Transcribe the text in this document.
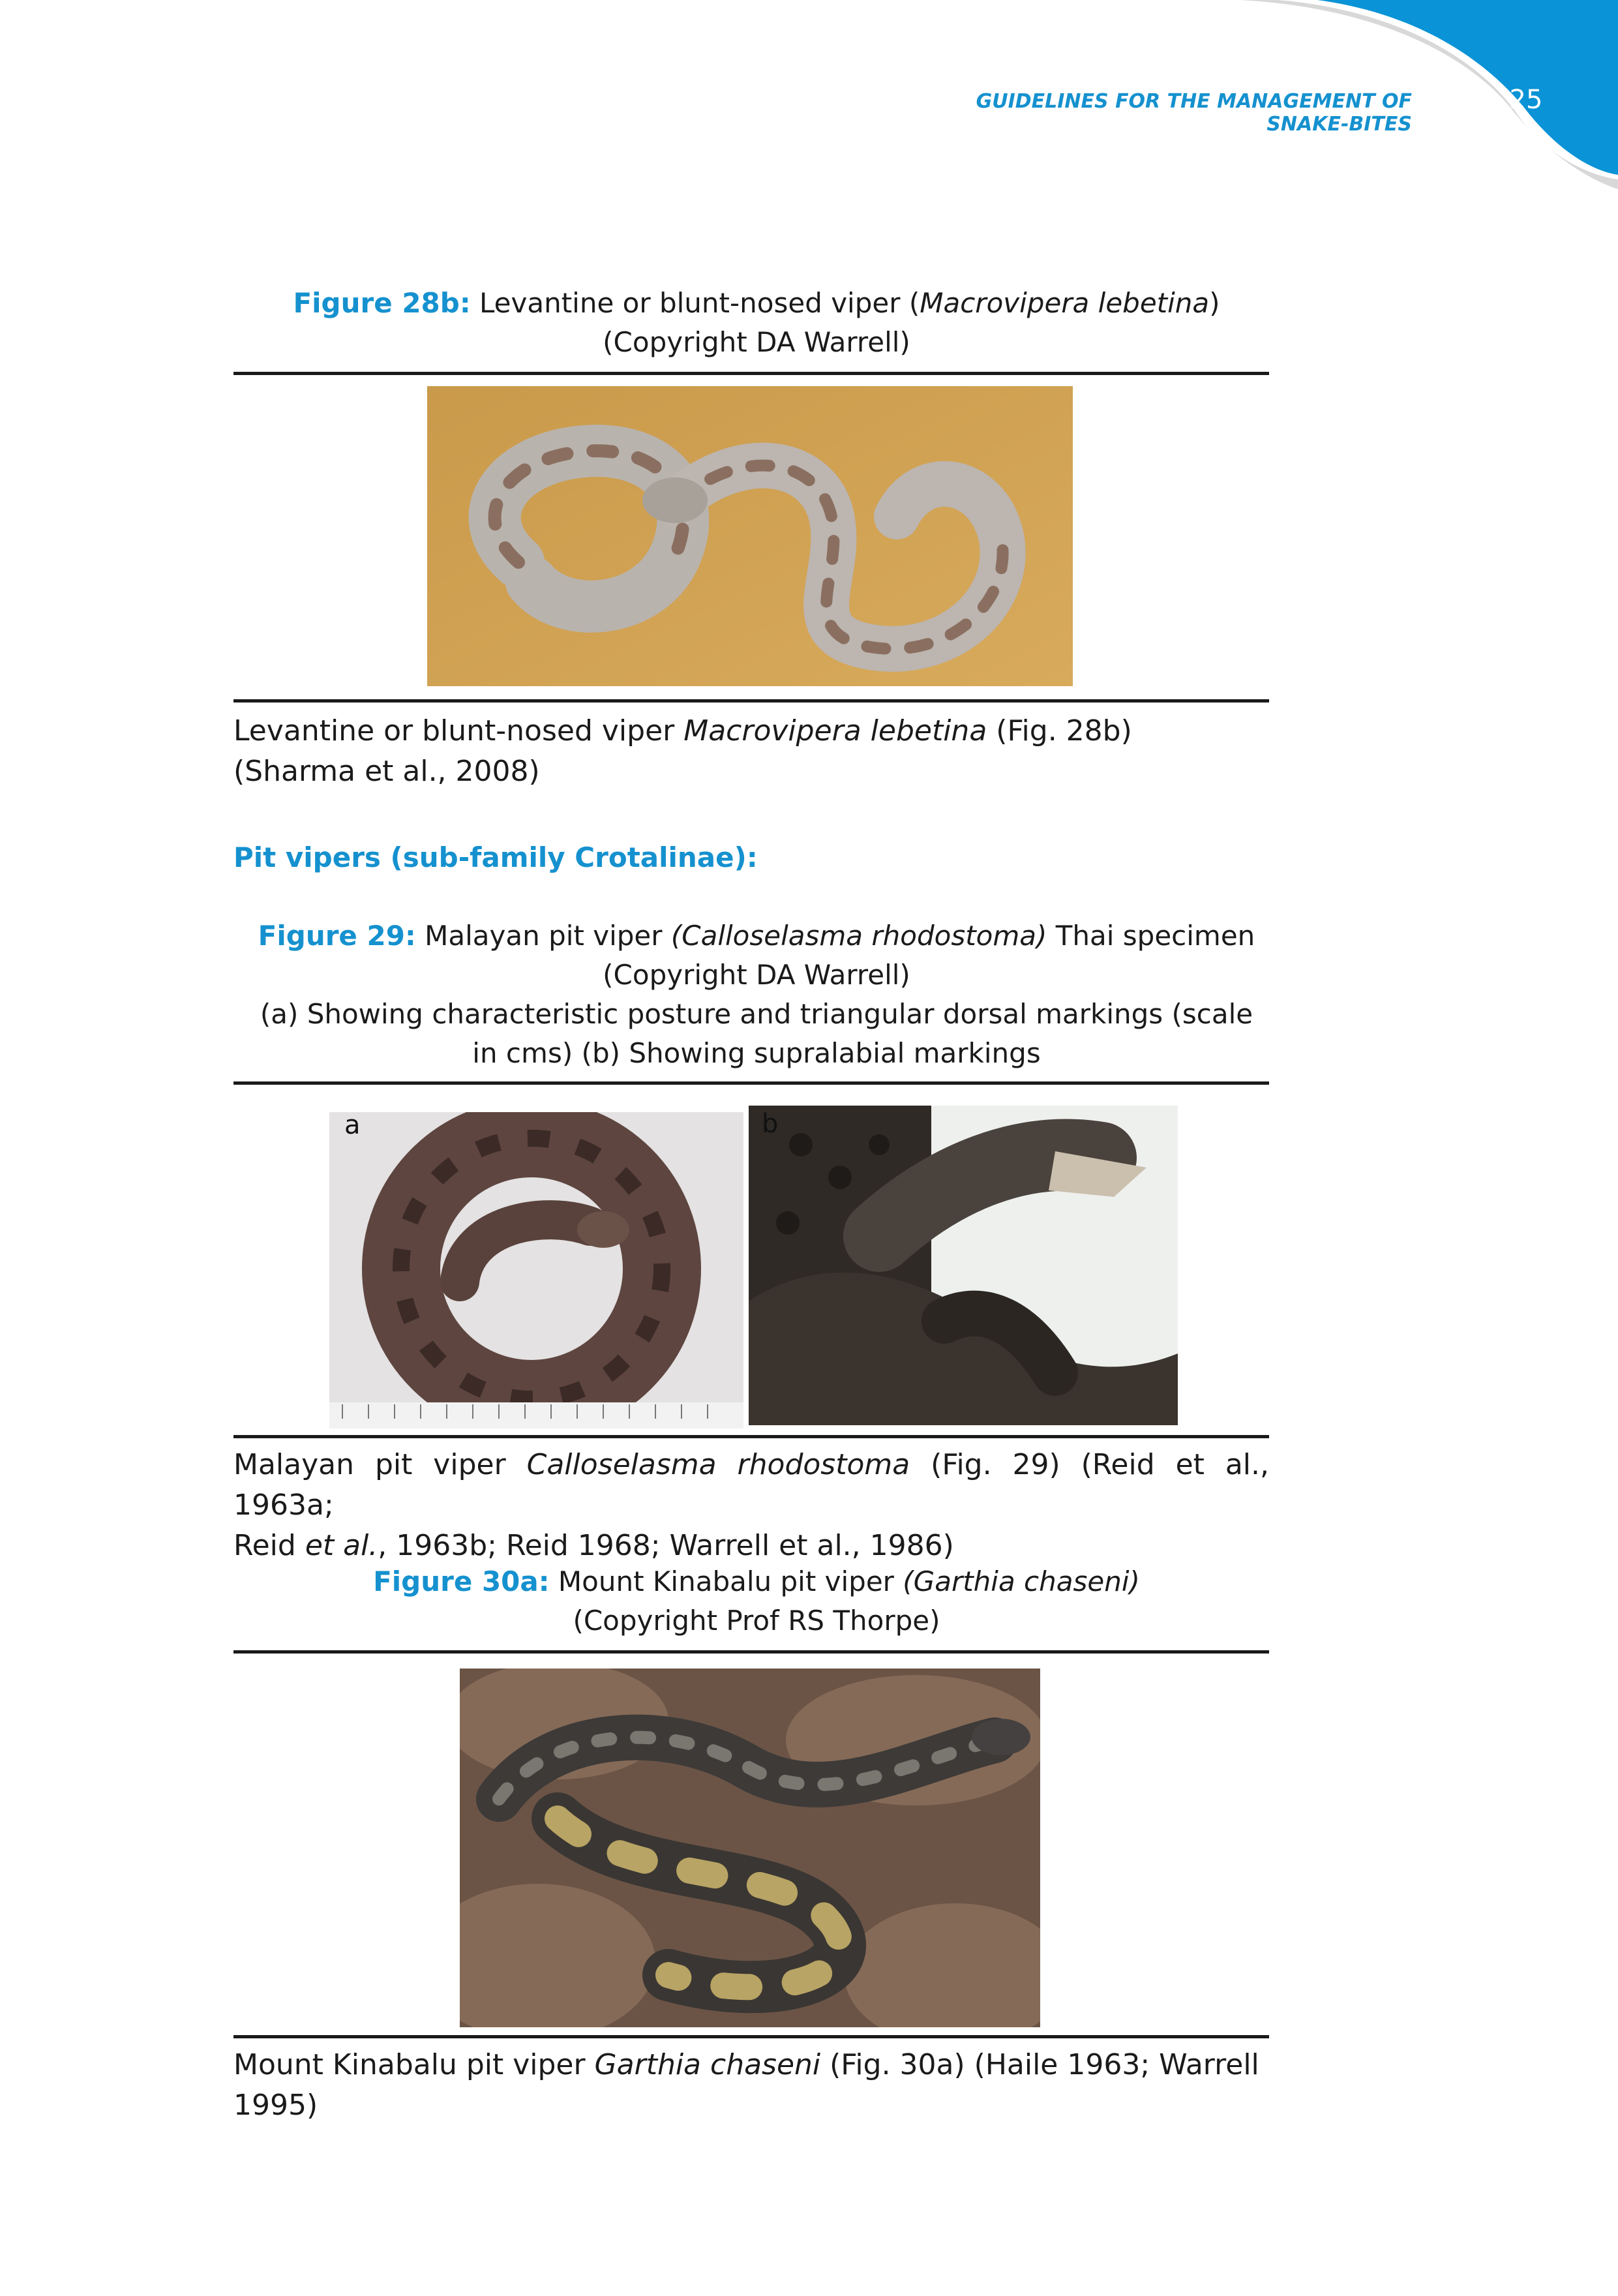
GUIDELINES FOR THE MANAGEMENT OF SNAKE-BITES
25
Figure 28b: Levantine or blunt-nosed viper (Macrovipera lebetina)
(Copyright DA Warrell)
Levantine or blunt-nosed viper Macrovipera lebetina (Fig. 28b)
(Sharma et al., 2008)
Pit vipers (sub-family Crotalinae):
Figure 29: Malayan pit viper (Calloselasma rhodostoma) Thai specimen
(Copyright DA Warrell)
(a) Showing characteristic posture and triangular dorsal markings (scale
in cms) (b) Showing supralabial markings
a	b
Malayan pit viper Calloselasma rhodostoma (Fig. 29) (Reid et al., 1963a;
Reid et al., 1963b; Reid 1968; Warrell et al., 1986)
Figure 30a: Mount Kinabalu pit viper (Garthia chaseni)
(Copyright Prof RS Thorpe)
Mount Kinabalu pit viper Garthia chaseni (Fig. 30a) (Haile 1963; Warrell
1995)
